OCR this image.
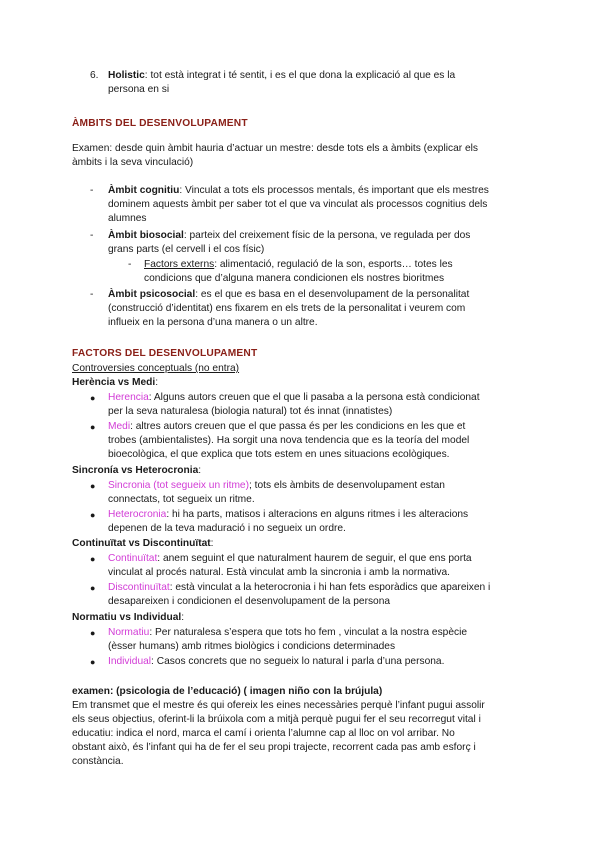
6. Holistic: tot està integrat i té sentit, i es el que dona la explicació al que es la
persona en si
ÀMBITS DEL DESENVOLUPAMENT
Examen: desde quin àmbit hauria d’actuar un mestre: desde tots els a àmbits (explicar els
àmbits i la seva vinculació)
- Àmbit cognitiu: Vinculat a tots els processos mentals, és important que els mestres
dominem aquests àmbit per saber tot el que va vinculat als processos cognitius dels
alumnes
- Àmbit biosocial: parteix del creixement físic de la persona, ve regulada per dos
grans parts (el cervell i el cos físic)
- Factors externs: alimentació, regulació de la son, esports… totes les
condicions que d’alguna manera condicionen els nostres bioritmes
- Àmbit psicosocial: es el que es basa en el desenvolupament de la personalitat
(construcció d’identitat) ens fixarem en els trets de la personalitat i veurem com
influeix en la persona d’una manera o un altre.
FACTORS DEL DESENVOLUPAMENT
Controversies conceptuals (no entra)
Herència vs Medi:
● Herencia: Alguns autors creuen que el que li pasaba a la persona està condicionat
per la seva naturalesa (biologia natural) tot és innat (innatistes)
● Medi: altres autors creuen que el que passa és per les condicions en les que et
trobes (ambientalistes). Ha sorgit una nova tendencia que es la teoría del model
bioecològica, el que explica que tots estem en unes situacions ecològiques.
Sincronía vs Heterocronia:
● Sincronia (tot segueix un ritme); tots els àmbits de desenvolupament estan
connectats, tot segueix un ritme.
● Heterocronia: hi ha parts, matisos i alteracions en alguns ritmes i les alteracions
depenen de la teva maduració i no segueix un ordre.
Continuïtat vs Discontinuïtat:
● Continuïtat: anem seguint el que naturalment haurem de seguir, el que ens porta
vinculat al procés natural. Està vinculat amb la sincronia i amb la normativa.
● Discontinuïtat: està vinculat a la heterocronia i hi han fets esporàdics que apareixen i
desapareixen i condicionen el desenvolupament de la persona
Normatiu vs Individual:
● Normatiu: Per naturalesa s’espera que tots ho fem , vinculat a la nostra espècie
(èsser humans) amb ritmes biològics i condicions determinades
● Individual: Casos concrets que no segueix lo natural i parla d’una persona.
examen: (psicologia de l’educació) ( imagen niño con la brújula)
Em transmet que el mestre és qui ofereix les eines necessàries perquè l’infant pugui assolir
els seus objectius, oferint-li la brúixola com a mitjà perquè pugui fer el seu recorregut vital i
educatiu: indica el nord, marca el camí i orienta l’alumne cap al lloc on vol arribar. No
obstant això, és l’infant qui ha de fer el seu propi trajecte, recorrent cada pas amb esforç i
constància.
